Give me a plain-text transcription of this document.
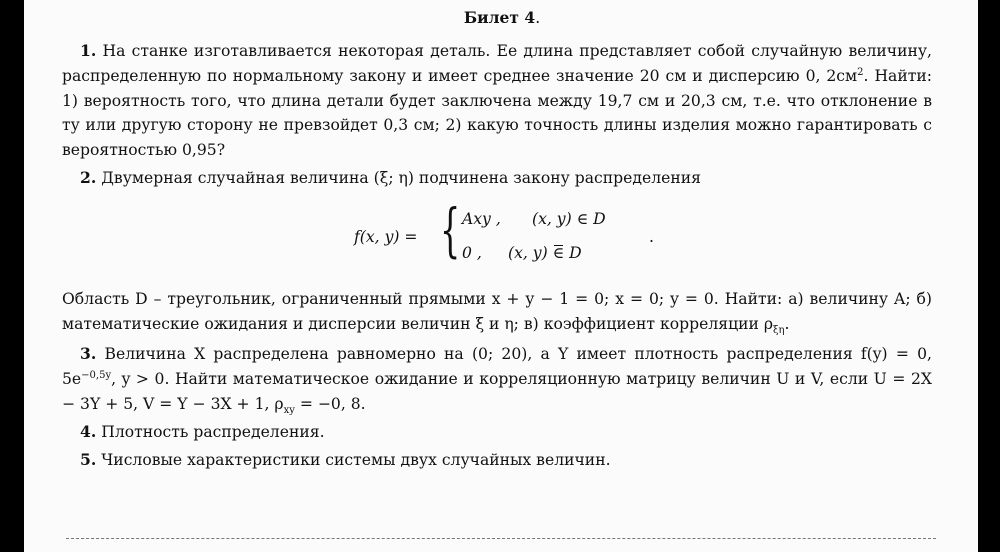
Билет 4.
1. На станке изготавливается некоторая деталь. Ее длина представляет собой случайную величину, распределенную по нормальному закону и имеет среднее значение 20 см и дисперсию 0, $2см^2$. Найти: 1) вероятность того, что длина детали будет заключена между 19,7 см и 20,3 см, т.е. что отклонение в ту или другую сторону не превзойдет 0,3 см; 2) какую точность длины изделия можно гарантировать с вероятностью 0,95?
2. Двумерная случайная величина (ξ; η) подчинена закону распределения
f(x, y) = { Axy , (x, y) ∈ D
0 , (x, y) ∈ D
.
Область D – треугольник, ограниченный прямыми x + y − 1 = 0; x = 0; y = 0. Найти: а) величину A; б) математические ожидания и дисперсии величин ξ и η; в) коэффициент корреляции $\rho_{\xi\eta}$.
3. Величина X распределена равномерно на (0; 20), а Y имеет плотность распределения f(y) = 0, $5e^{-0,5y}$, y > 0. Найти математическое ожидание и корреляционную матрицу величин U и V, если U = 2X − 3Y + 5, V = Y − 3X + 1, $\rho_{xy} = -0$, 8.
4. Плотность распределения.
5. Числовые характеристики системы двух случайных величин.
